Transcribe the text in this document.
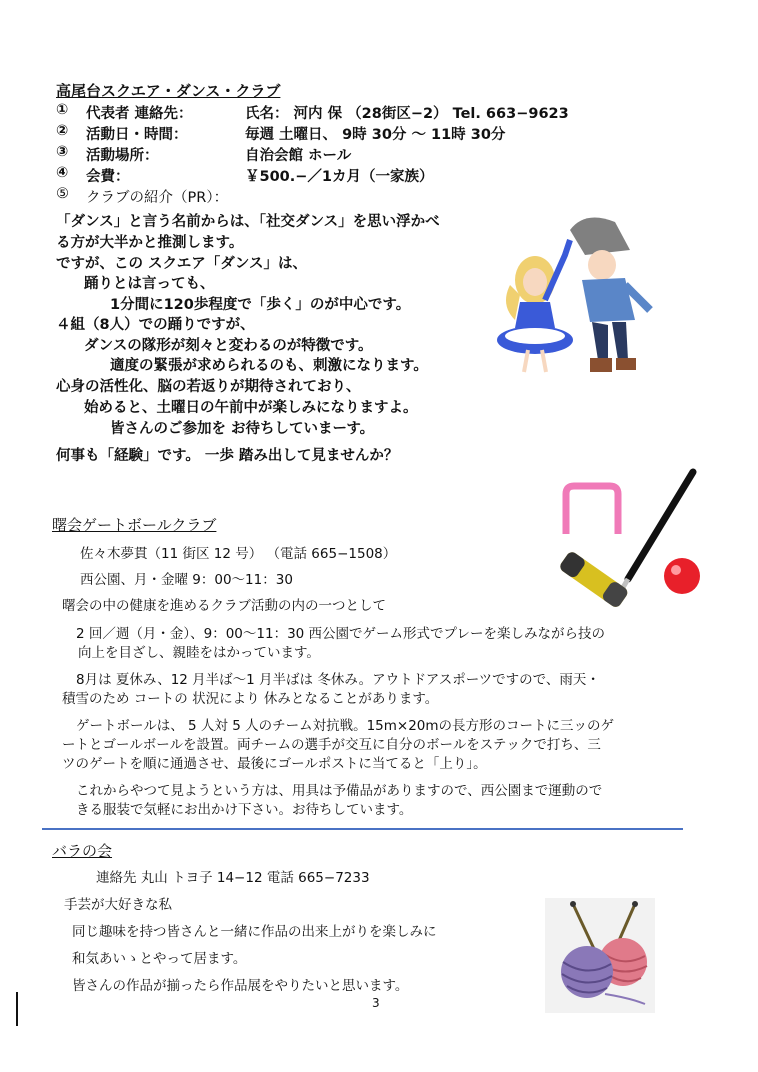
高尾台スクエア・ダンス・クラブ
① 代表者 連絡先：	氏名： 河内 保 （28街区−2） Tel. 663−9623
② 活動日・時間：	毎週 土曜日、 9時 30分 ～ 11時 30分
③ 活動場所：	自治会館 ホール
④ 会費：	￥500.−／1カ月（一家族）
⑤ クラブの紹介（PR）：
「ダンス」と言う名前からは、「社交ダンス」を思い浮かべ
る方が大半かと推測します。
ですが、この スクエア「ダンス」は、
踊りとは言っても、
1分間に120歩程度で「歩く」のが中心です。
４組（8人）での踊りですが、
ダンスの隊形が刻々と変わるのが特徴です。
適度の緊張が求められるのも、刺激になります。
心身の活性化、脳の若返りが期待されており、
始めると、土曜日の午前中が楽しみになりますよ。
皆さんのご参加を お待ちしていまーす。
何事も「経験」です。 一歩 踏み出して見ませんか？
曙会ゲートボールクラブ
佐々木夢貫（11 街区 12 号） （電話 665−1508）
西公園、月・金曜 9：00〜11：30
曙会の中の健康を進めるクラブ活動の内の一つとして
2 回／週（月・金）、9：00〜11：30 西公園でゲーム形式でプレーを楽しみながら技の
向上を目ざし、親睦をはかっています。
8月は 夏休み、12 月半ば〜1 月半ばは 冬休み。アウトドアスポーツですので、雨天・
積雪のため コートの 状況により 休みとなることがあります。
ゲートボールは、 5 人対 5 人のチーム対抗戦。15m×20mの長方形のコートに三ッのゲ
ートとゴールボールを設置。両チームの選手が交互に自分のボールをステックで打ち、三
ツのゲートを順に通過させ、最後にゴールポストに当てると「上り」。
これからやつて見ようという方は、用具は予備品がありますので、西公園まで運動ので
きる服装で気軽にお出かけ下さい。お待ちしています。
バラの会
連絡先 丸山 トヨ子 14−12 電話 665−7233
手芸が大好きな私
同じ趣味を持つ皆さんと一緒に作品の出来上がりを楽しみに
和気あいゝとやって居ます。
皆さんの作品が揃ったら作品展をやりたいと思います。
3
